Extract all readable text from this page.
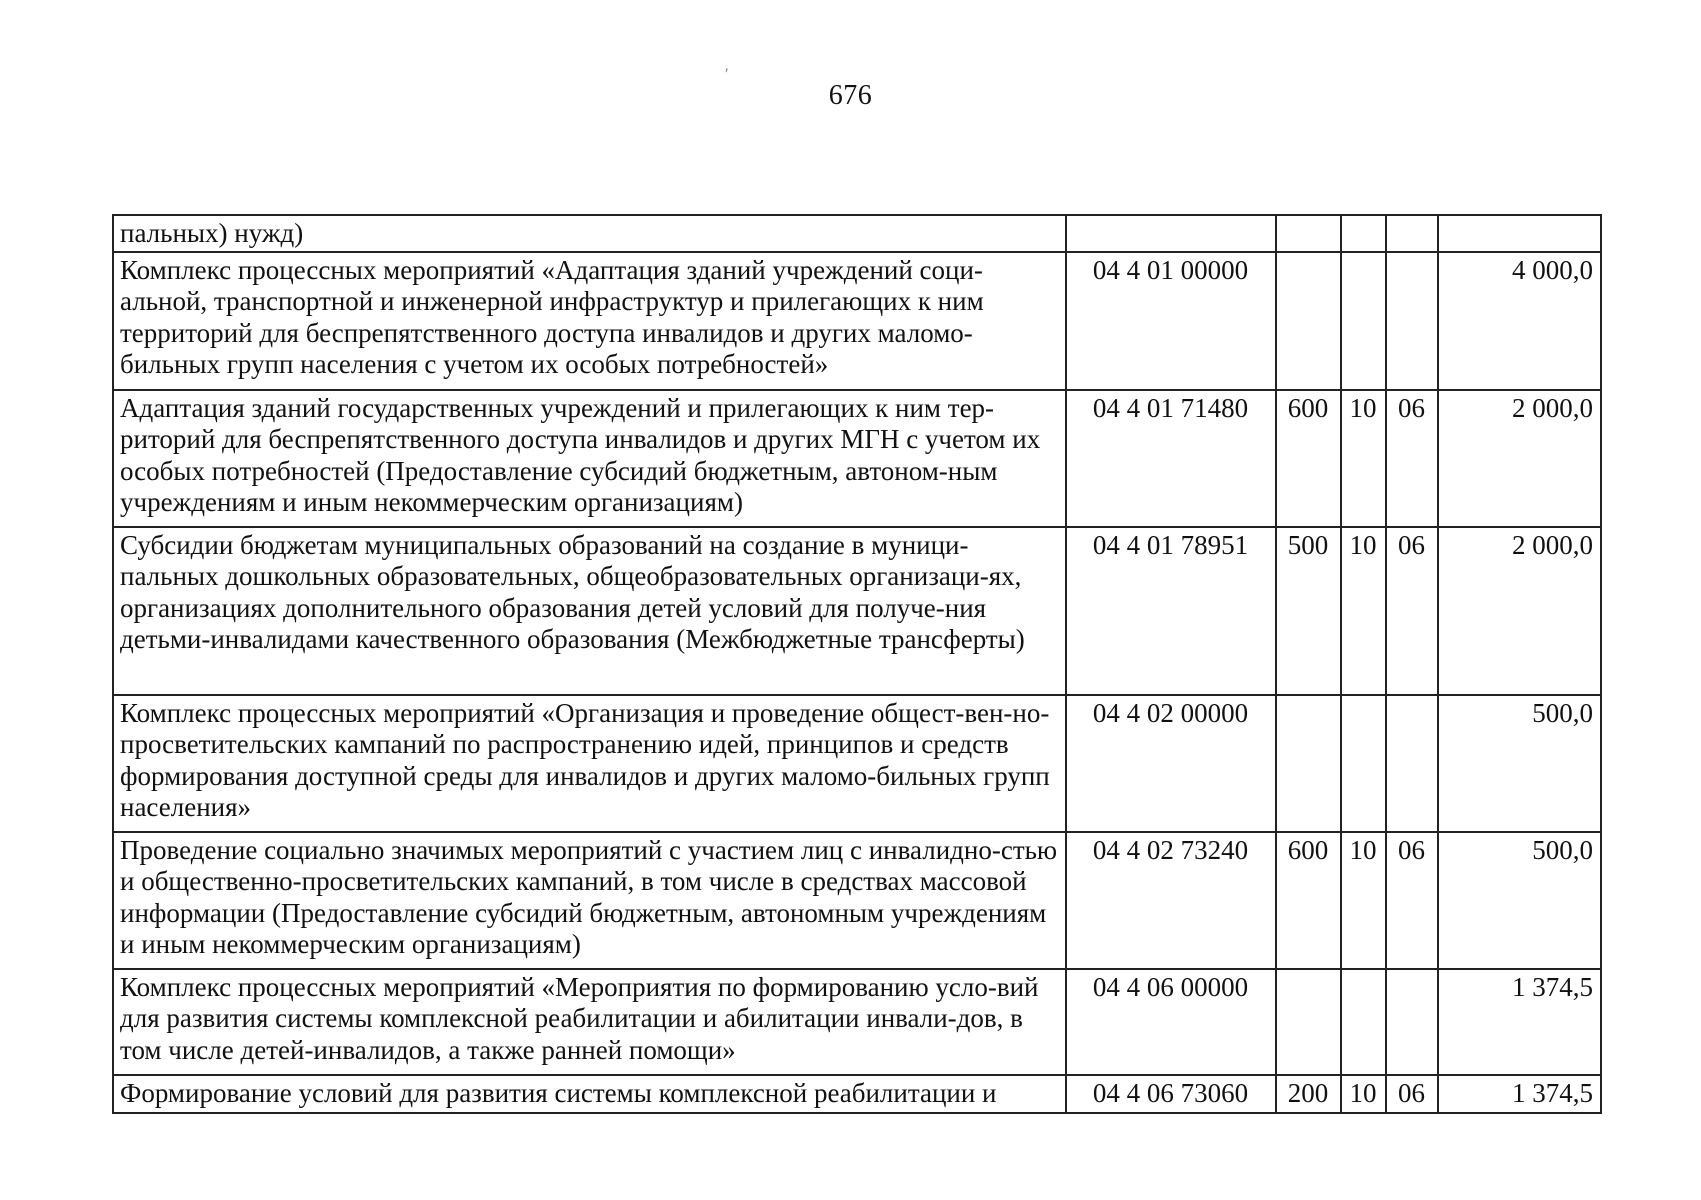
676
′
пальных) нужд)					
Комплекс процессных мероприятий «Адаптация зданий учреждений соци-альной, транспортной и инженерной инфраструктур и прилегающих к ним территорий для беспрепятственного доступа инвалидов и других маломо-бильных групп населения с учетом их особых потребностей»	04 4 01 00000				4 000,0
Адаптация зданий государственных учреждений и прилегающих к ним тер-риторий для беспрепятственного доступа инвалидов и других МГН с учетом их особых потребностей (Предоставление субсидий бюджетным, автоном-ным учреждениям и иным некоммерческим организациям)	04 4 01 71480	600	10	06	2 000,0
Субсидии бюджетам муниципальных образований на создание в муници-пальных дошкольных образовательных, общеобразовательных организаци-ях, организациях дополнительного образования детей условий для получе-ния детьми-инвалидами качественного образования (Межбюджетные трансферты)	04 4 01 78951	500	10	06	2 000,0
Комплекс процессных мероприятий «Организация и проведение общест-вен-но-просветительских кампаний по распространению идей, принципов и средств формирования доступной среды для инвалидов и других маломо-бильных групп населения»	04 4 02 00000				500,0
Проведение социально значимых мероприятий с участием лиц с инвалидно-стью и общественно-просветительских кампаний, в том числе в средствах массовой информации (Предоставление субсидий бюджетным, автономным учреждениям и иным некоммерческим организациям)	04 4 02 73240	600	10	06	500,0
Комплекс процессных мероприятий «Мероприятия по формированию усло-вий для развития системы комплексной реабилитации и абилитации инвали-дов, в том числе детей-инвалидов, а также ранней помощи»	04 4 06 00000				1 374,5
Формирование условий для развития системы комплексной реабилитации и	04 4 06 73060	200	10	06	1 374,5
